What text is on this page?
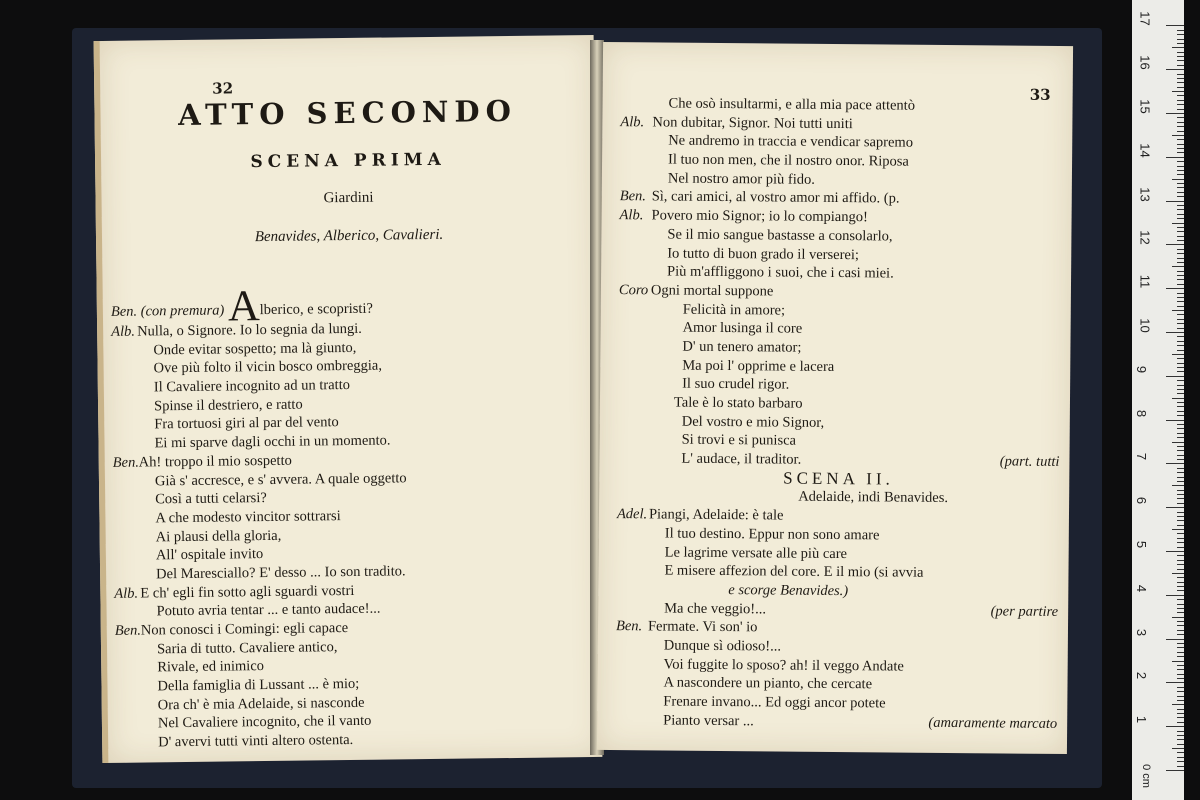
32
ATTO SECONDO
SCENA PRIMA
Giardini
Benavides, Alberico, Cavalieri.
Ben. (con premura) Alberico, e scopristi?
Alb. Nulla, o Signore. Io lo segnia da lungi.
Onde evitar sospetto; ma là giunto,
Ove più folto il vicin bosco ombreggia,
Il Cavaliere incognito ad un tratto
Spinse il destriero, e ratto
Fra tortuosi giri al par del vento
Ei mi sparve dagli occhi in un momento.
Ben.Ah! troppo il mio sospetto
Già s' accresce, e s' avvera. A quale oggetto
Così a tutti celarsi?
A che modesto vincitor sottrarsi
Ai plausi della gloria,
All' ospitale invito
Del Maresciallo? E' desso ... Io son tradito.
Alb. E ch' egli fin sotto agli sguardi vostri
Potuto avria tentar ... e tanto audace!...
Ben.Non conosci i Comingi: egli capace
Saria di tutto. Cavaliere antico,
Rivale, ed inimico
Della famiglia di Lussant ... è mio;
Ora ch' è mia Adelaide, si nasconde
Nel Cavaliere incognito, che il vanto
D' avervi tutti vinti altero ostenta.
33
Che osò insultarmi, e alla mia pace attentò
Alb. Non dubitar, Signor. Noi tutti uniti
Ne andremo in traccia e vendicar sapremo
Il tuo non men, che il nostro onor. Riposa
Nel nostro amor più fido.
Ben. Sì, cari amici, al vostro amor mi affido. (p.
Alb. Povero mio Signor; io lo compiango!
Se il mio sangue bastasse a consolarlo,
Io tutto di buon grado il verserei;
Più m'affliggono i suoi, che i casi miei.
Coro Ogni mortal suppone
Felicità in amore;
Amor lusinga il core
D' un tenero amator;
Ma poi l' opprime e lacera
Il suo crudel rigor.
Tale è lo stato barbaro
Del vostro e mio Signor,
Si trovi e si punisca
L' audace, il traditor.	(part. tutti
SCENA II.
Adelaide, indi Benavides.
Adel. Piangi, Adelaide: è tale
Il tuo destino. Eppur non sono amare
Le lagrime versate alle più care
E misere affezion del core. E il mio (si avvia
e scorge Benavides.)
Ma che veggio!...	(per partire
Ben. Fermate. Vi son' io
Dunque sì odioso!...
Voi fuggite lo sposo? ah! il veggo Andate
A nascondere un pianto, che cercate
Frenare invano... Ed oggi ancor potete
Pianto versar ...	(amaramente marcato
0 cm
1
2
3
4
5
6
7
8
9
10
11
12
13
14
15
16
17
